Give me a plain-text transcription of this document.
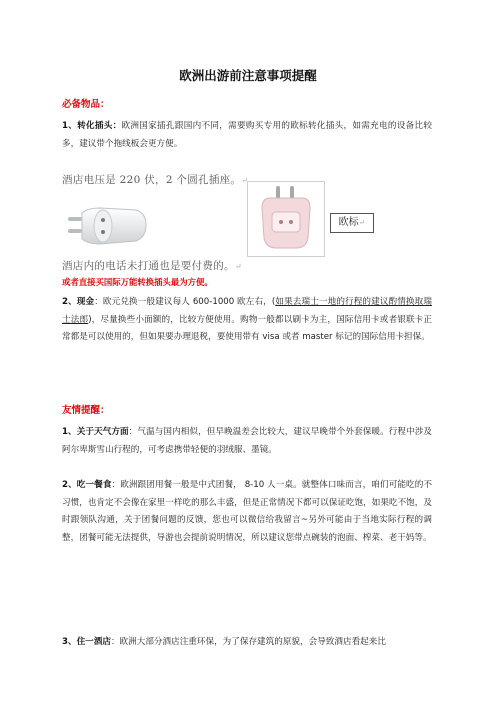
欧洲出游前注意事项提醒
必备物品：
1、转化插头：欧洲国家插孔跟国内不同，需要购买专用的欧标转化插头，如需充电的设备比较多，建议带个拖线板会更方便。
酒店电压是 220 伏，2 个圆孔插座。↵
欧标↵
酒店内的电话未打通也是要付费的。↵
或者直接买国际万能转换插头最为方便。
2、现金：欧元兑换一般建议每人 600-1000 欧左右，(如果去瑞士一地的行程的建议酌情换取瑞士法郎)，尽量换些小面额的，比较方便使用。购物一般都以刷卡为主，国际信用卡或者银联卡正常都是可以使用的，但如果要办理退税，要使用带有 visa 或者 master 标记的国际信用卡担保。
友情提醒：
1、关于天气方面：气温与国内相似，但早晚温差会比较大，建议早晚带个外套保暖。行程中涉及阿尔卑斯雪山行程的，可考虑携带轻便的羽绒服、墨镜。
2、吃一餐食：欧洲跟团用餐一般是中式团餐， 8-10 人一桌。就整体口味而言，咱们可能吃的不习惯，也肯定不会像在家里一样吃的那么丰盛，但是正常情况下都可以保证吃饱，如果吃不饱，及时跟领队沟通，关于团餐问题的反馈，您也可以微信给我留言~另外可能由于当地实际行程的调整，团餐可能无法提供，导游也会提前说明情况，所以建议您带点碗装的泡面、榨菜、老干妈等。
3、住一酒店：欧洲大部分酒店注重环保，为了保存建筑的原貌，会导致酒店看起来比
